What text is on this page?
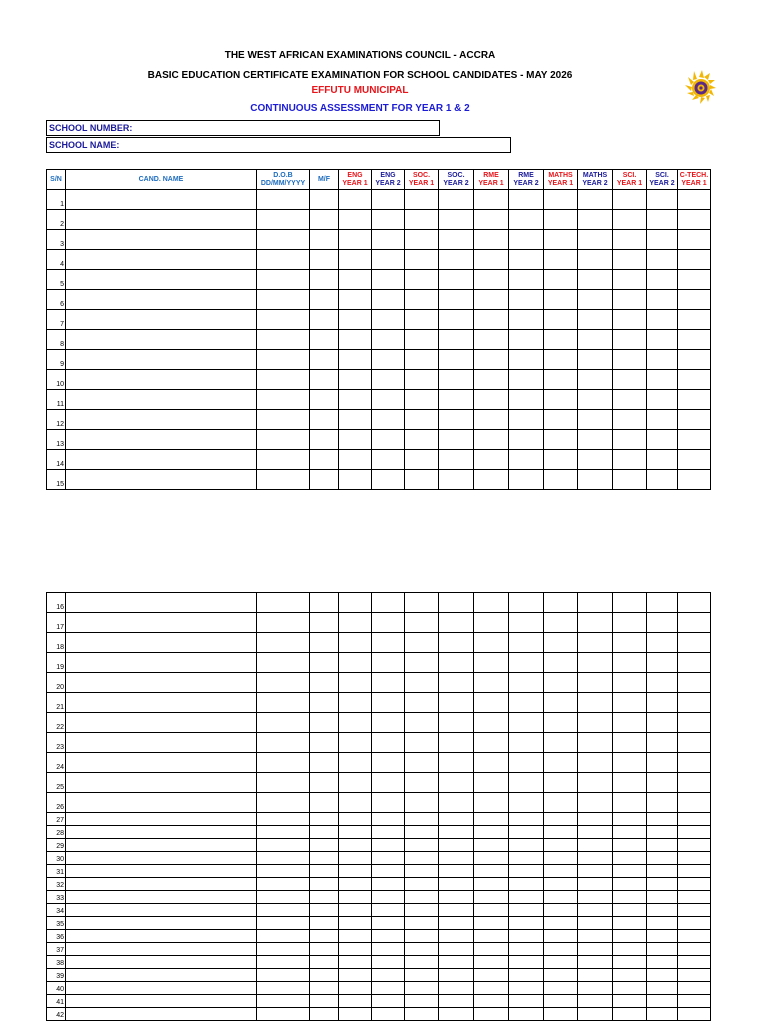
THE WEST AFRICAN EXAMINATIONS COUNCIL - ACCRA
BASIC EDUCATION CERTIFICATE EXAMINATION FOR SCHOOL CANDIDATES - MAY 2026
EFFUTU MUNICIPAL
CONTINUOUS ASSESSMENT FOR YEAR 1 & 2
SCHOOL NUMBER:
SCHOOL NAME:
S/N	CAND. NAME	D.O.B DD/MM/YYYY	M/F	ENG YEAR 1	ENG YEAR 2	SOC. YEAR 1	SOC. YEAR 2	RME YEAR 1	RME YEAR 2	MATHS YEAR 1	MATHS YEAR 2	SCI. YEAR 1	SCI. YEAR 2	C-TECH. YEAR 1
1														
2														
3														
4														
5														
6														
7														
8														
9														
10														
11														
12														
13														
14														
15														
16														
17														
18														
19														
20														
21														
22														
23														
24														
25														
26														
27														
28														
29														
30														
31														
32														
33														
34														
35														
36														
37														
38														
39														
40														
41														
42														
